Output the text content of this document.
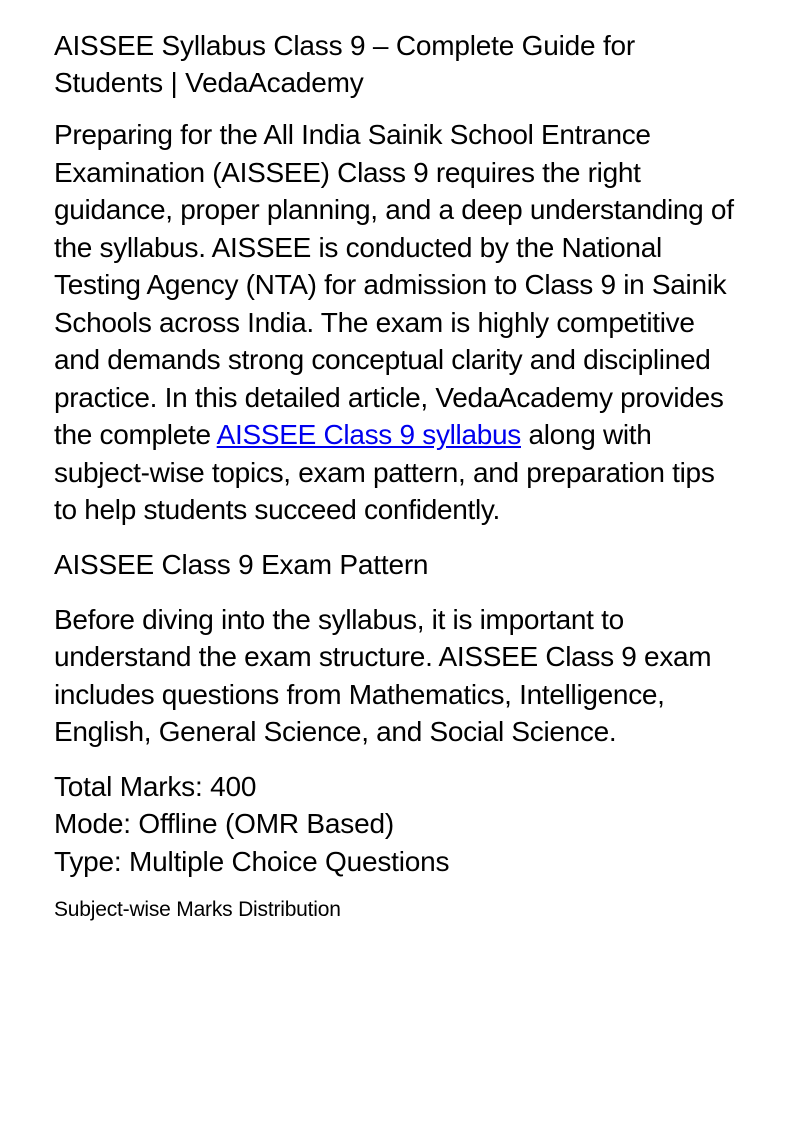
AISSEE Syllabus Class 9 – Complete Guide for Students | VedaAcademy

Preparing for the All India Sainik School Entrance Examination (AISSEE) Class 9 requires the right guidance, proper planning, and a deep understanding of the syllabus. AISSEE is conducted by the National Testing Agency (NTA) for admission to Class 9 in Sainik Schools across India. The exam is highly competitive and demands strong conceptual clarity and disciplined practice. In this detailed article, VedaAcademy provides the complete AISSEE Class 9 syllabus along with subject-wise topics, exam pattern, and preparation tips to help students succeed confidently.

AISSEE Class 9 Exam Pattern

Before diving into the syllabus, it is important to understand the exam structure. AISSEE Class 9 exam includes questions from Mathematics, Intelligence, English, General Science, and Social Science.

Total Marks: 400
Mode: Offline (OMR Based)
Type: Multiple Choice Questions

Subject-wise Marks Distribution
